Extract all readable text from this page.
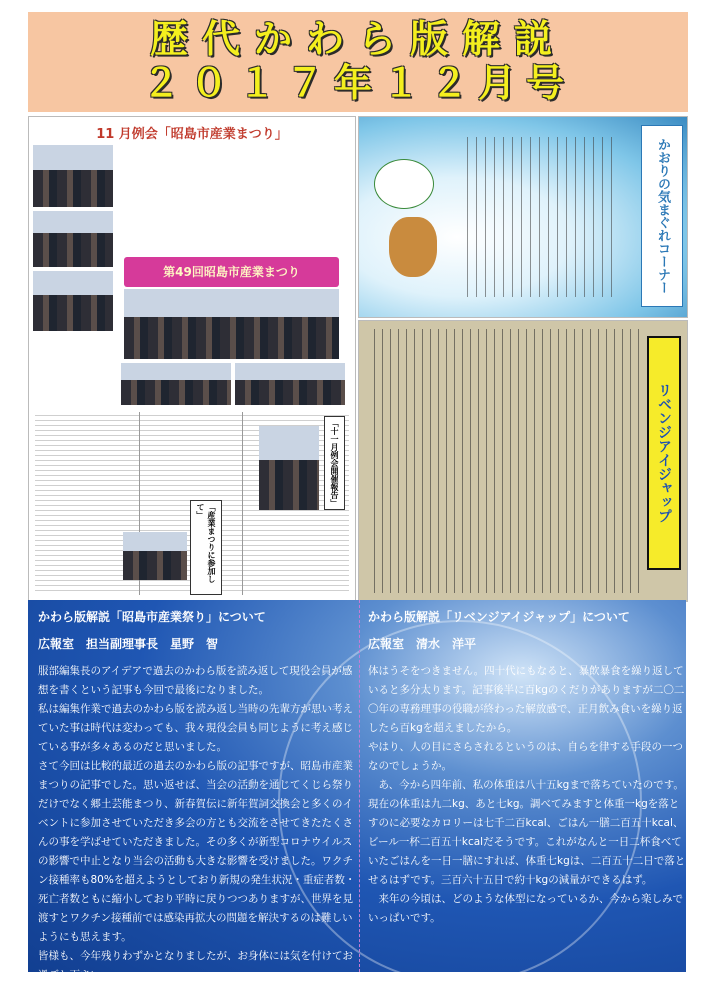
歴代かわら版解説
２０１７年１２月号
11 月例会「昭島市産業まつり」
第49回昭島市産業まつり
「十一月例会開催報告」
「産業まつりに参加して」
かおりの気まぐれコーナー
リベンジアイジャップ
かわら版解説「昭島市産業祭り」について
広報室　担当副理事長　星野　智
服部編集長のアイデアで過去のかわら版を読み返して現役会員が感想を書くという記事も今回で最後になりました。
私は編集作業で過去のかわら版を読み返し当時の先輩方が思い考えていた事は時代は変わっても、我々現役会員も同じように考え感じている事が多々あるのだと思いました。
さて今回は比較的最近の過去のかわら版の記事ですが、昭島市産業まつりの記事でした。思い返せば、当会の活動を通じてくじら祭りだけでなく郷土芸能まつり、新春賀伝に新年賀詞交換会と多くのイベントに参加させていただき多会の方とも交流をさせてきたたくさんの事を学ばせていただきました。その多くが新型コロナウイルスの影響で中止となり当会の活動も大きな影響を受けました。ワクチン接種率も80%を超えようとしており新規の発生状況・重症者数・死亡者数ともに縮小しており平時に戻りつつありますが、世界を見渡すとワクチン接種前では感染再拡大の問題を解決するのは難しいようにも思えます。
皆様も、今年残りわずかとなりましたが、お身体には気を付けてお過ごし下さい。
かわら版解説「リベンジアイジャップ」について
広報室　清水　洋平
体はうそをつきません。四十代にもなると、暴飲暴食を繰り返していると多分太ります。記事後半に百kgのくだりがありますが二〇二〇年の専務理事の役職が終わった解放感で、正月飲み食いを繰り返したら百kgを超えましたから。
やはり、人の目にさらされるというのは、自らを律する手段の一つなのでしょうか。
　あ、今から四年前、私の体重は八十五kgまで落ちていたのです。現在の体重は九二kg、あと七kg。調べてみますと体重一kgを落とすのに必要なカロリーは七千二百kcal、ごはん一膳二百五十kcal、ビール一杯二百五十kcalだそうです。これがなんと一日二杯食べていたごはんを一日一膳にすれば、体重七kgは、二百五十二日で落とせるはずです。三百六十五日で約十kgの減量ができるはず。
　来年の今頃は、どのような体型になっているか、今から楽しみでいっぱいです。
